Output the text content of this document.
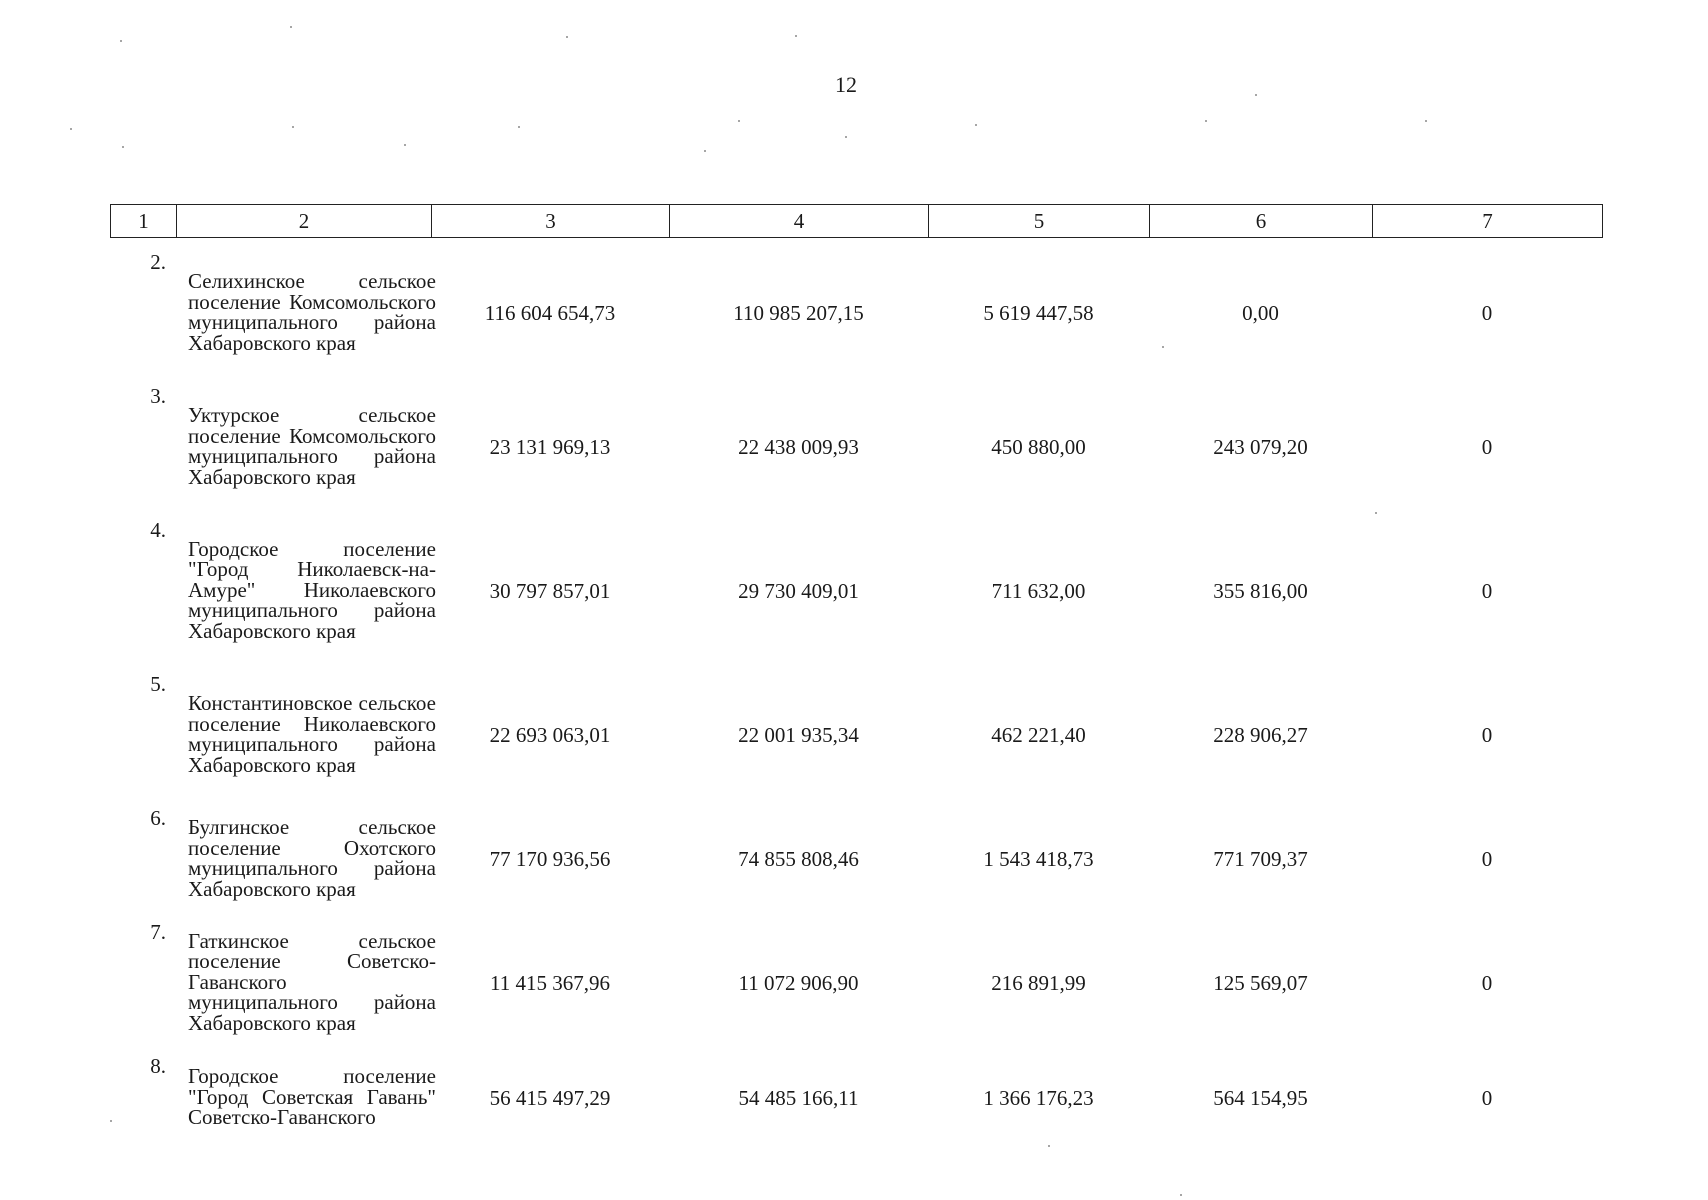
12
1	2	3	4	5	6	7
2.	Селихинское сельское поселение Комсомольского муниципального района Хабаровского края	116 604 654,73	110 985 207,15	5 619 447,58	0,00	0
3.	Уктурское сельское поселение Комсомольского муниципального района Хабаровского края	23 131 969,13	22 438 009,93	450 880,00	243 079,20	0
4.	Городское поселение "Город Николаевск-на-Амуре" Николаевского муниципального района Хабаровского края	30 797 857,01	29 730 409,01	711 632,00	355 816,00	0
5.	Константиновское сельское поселение Николаевского муниципального района Хабаровского края	22 693 063,01	22 001 935,34	462 221,40	228 906,27	0
6.	Булгинское сельское поселение Охотского муниципального района Хабаровского края	77 170 936,56	74 855 808,46	1 543 418,73	771 709,37	0
7.	Гаткинское сельское поселение Советско-Гаванского муниципального района Хабаровского края	11 415 367,96	11 072 906,90	216 891,99	125 569,07	0
8.	Городское поселение "Город Советская Гавань" Советско-Гаванского	56 415 497,29	54 485 166,11	1 366 176,23	564 154,95	0
